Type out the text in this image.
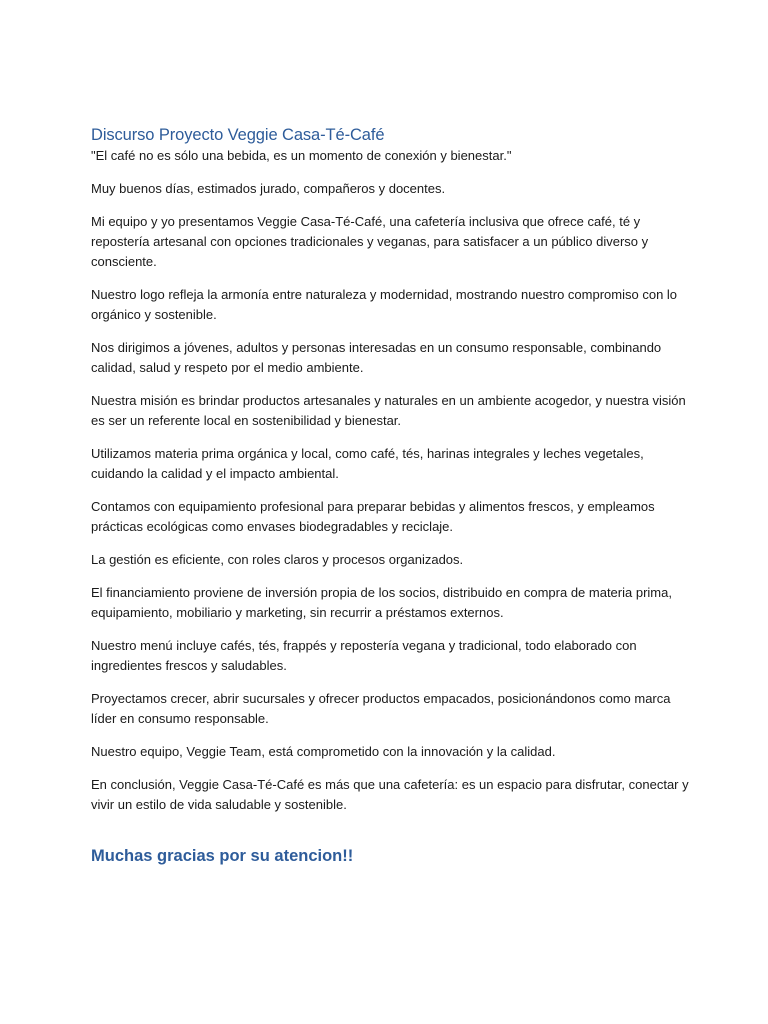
Discurso Proyecto Veggie Casa-Té-Café

"El café no es sólo una bebida, es un momento de conexión y bienestar."

Muy buenos días, estimados jurado, compañeros y docentes.

Mi equipo y yo presentamos Veggie Casa-Té-Café, una cafetería inclusiva que ofrece café, té y repostería artesanal con opciones tradicionales y veganas, para satisfacer a un público diverso y consciente.

Nuestro logo refleja la armonía entre naturaleza y modernidad, mostrando nuestro compromiso con lo orgánico y sostenible.

Nos dirigimos a jóvenes, adultos y personas interesadas en un consumo responsable, combinando calidad, salud y respeto por el medio ambiente.

Nuestra misión es brindar productos artesanales y naturales en un ambiente acogedor, y nuestra visión es ser un referente local en sostenibilidad y bienestar.

Utilizamos materia prima orgánica y local, como café, tés, harinas integrales y leches vegetales, cuidando la calidad y el impacto ambiental.

Contamos con equipamiento profesional para preparar bebidas y alimentos frescos, y empleamos prácticas ecológicas como envases biodegradables y reciclaje.

La gestión es eficiente, con roles claros y procesos organizados.

El financiamiento proviene de inversión propia de los socios, distribuido en compra de materia prima, equipamiento, mobiliario y marketing, sin recurrir a préstamos externos.

Nuestro menú incluye cafés, tés, frappés y repostería vegana y tradicional, todo elaborado con ingredientes frescos y saludables.

Proyectamos crecer, abrir sucursales y ofrecer productos empacados, posicionándonos como marca líder en consumo responsable.

Nuestro equipo, Veggie Team, está comprometido con la innovación y la calidad.

En conclusión, Veggie Casa-Té-Café es más que una cafetería: es un espacio para disfrutar, conectar y vivir un estilo de vida saludable y sostenible.

Muchas gracias por su atencion!!
